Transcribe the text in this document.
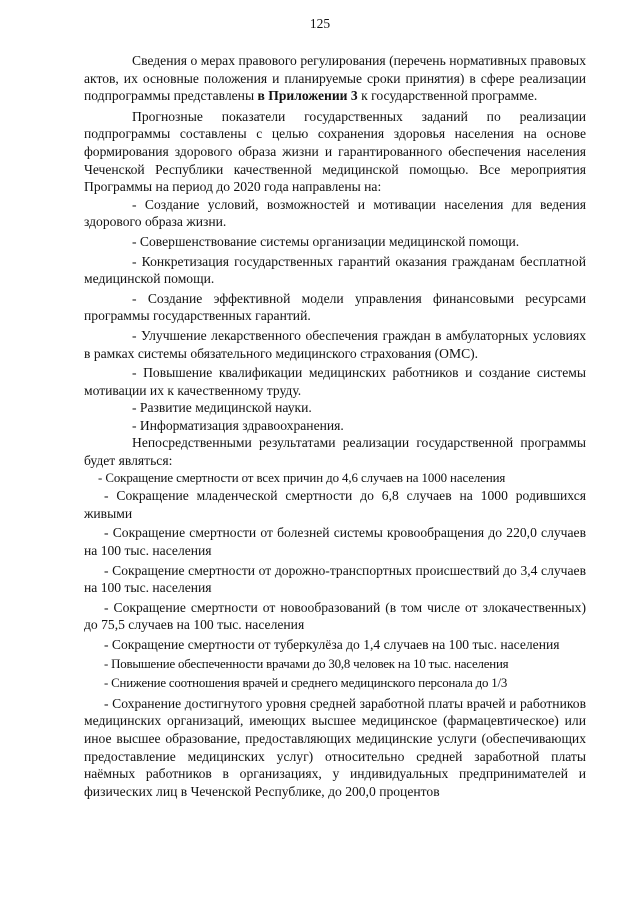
125

Сведения о мерах правового регулирования (перечень нормативных правовых актов, их основные положения и планируемые сроки принятия) в сфере реализации подпрограммы представлены в Приложении 3 к государственной программе.

Прогнозные показатели государственных заданий по реализации подпрограммы составлены с целью сохранения здоровья населения на основе формирования здорового образа жизни и гарантированного обеспечения населения Чеченской Республики качественной медицинской помощью. Все мероприятия Программы на период до 2020 года направлены на:

- Создание условий, возможностей и мотивации населения для ведения здорового образа жизни.

- Совершенствование системы организации медицинской помощи.

- Конкретизация государственных гарантий оказания гражданам бесплатной медицинской помощи.

- Создание эффективной модели управления финансовыми ресурсами программы государственных гарантий.

- Улучшение лекарственного обеспечения граждан в амбулаторных условиях в рамках системы обязательного медицинского страхования (ОМС).

- Повышение квалификации медицинских работников и создание системы мотивации их к качественному труду.

- Развитие медицинской науки.

- Информатизация здравоохранения.

Непосредственными результатами реализации государственной программы будет являться:

- Сокращение смертности от всех причин до 4,6 случаев на 1000 населения

- Сокращение младенческой смертности до 6,8 случаев на 1000 родившихся живыми

- Сокращение смертности от болезней системы кровообращения до 220,0 случаев на 100 тыс. населения

- Сокращение смертности от дорожно-транспортных происшествий до 3,4 случаев на 100 тыс. населения

- Сокращение смертности от новообразований (в том числе от злокачественных) до 75,5 случаев на 100 тыс. населения

- Сокращение смертности от туберкулёза до 1,4 случаев на 100 тыс. населения

- Повышение обеспеченности врачами до 30,8 человек на 10 тыс. населения

- Снижение соотношения врачей и среднего медицинского персонала до 1/3

- Сохранение достигнутого уровня средней заработной платы врачей и работников медицинских организаций, имеющих высшее медицинское (фармацевтическое) или иное высшее образование, предоставляющих медицинские услуги (обеспечивающих предоставление медицинских услуг) относительно средней заработной платы наёмных работников в организациях, у индивидуальных предпринимателей и физических лиц в Чеченской Республике, до 200,0 процентов
